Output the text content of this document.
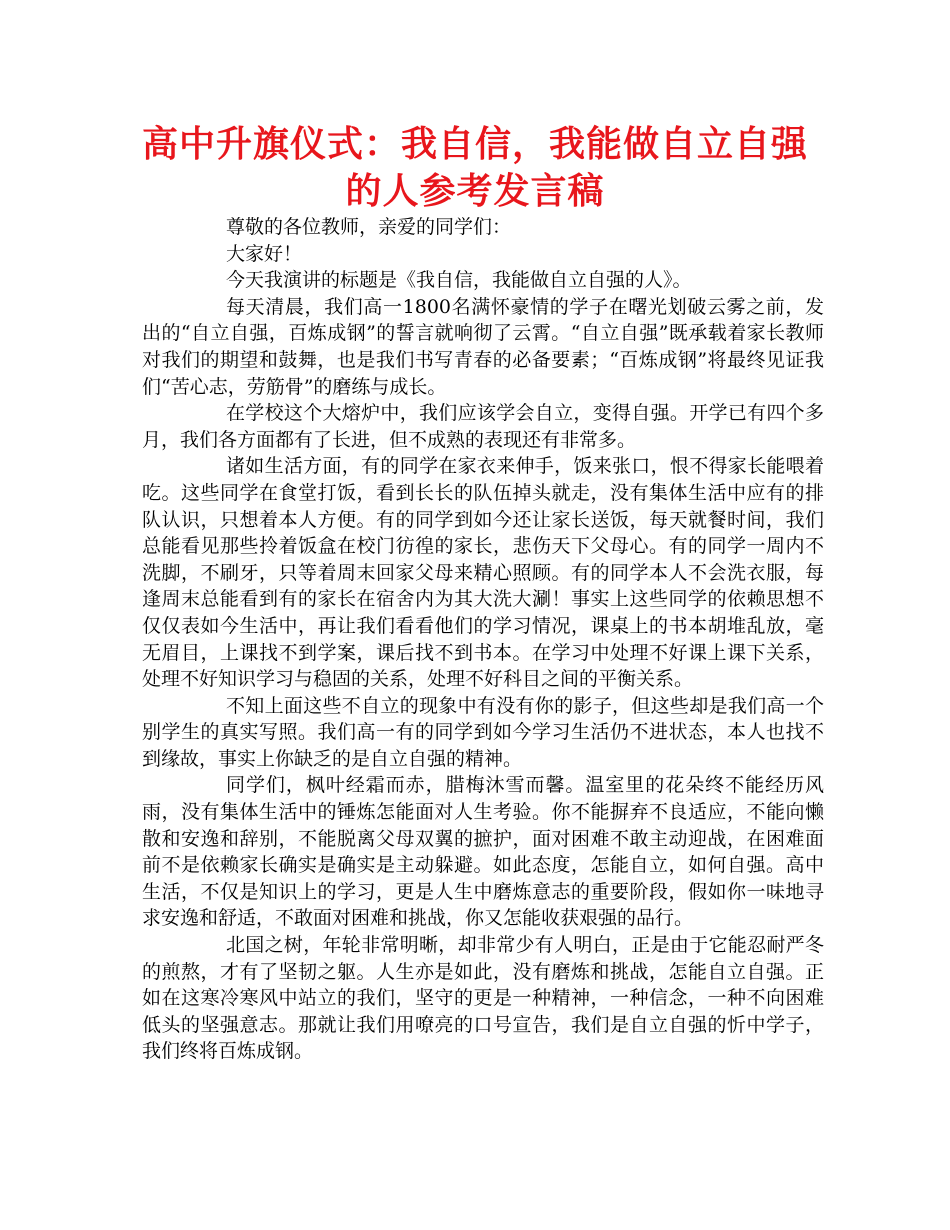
高中升旗仪式：我自信，我能做自立自强的人参考发言稿

尊敬的各位教师，亲爱的同学们：

大家好！

今天我演讲的标题是《我自信，我能做自立自强的人》。

每天清晨，我们高一1800名满怀豪情的学子在曙光划破云雾之前，发出的“自立自强，百炼成钢”的誓言就响彻了云霄。“自立自强”既承载着家长教师对我们的期望和鼓舞，也是我们书写青春的必备要素；“百炼成钢”将最终见证我们“苦心志，劳筋骨”的磨练与成长。

在学校这个大熔炉中，我们应该学会自立，变得自强。开学已有四个多月，我们各方面都有了长进，但不成熟的表现还有非常多。

诸如生活方面，有的同学在家衣来伸手，饭来张口，恨不得家长能喂着吃。这些同学在食堂打饭，看到长长的队伍掉头就走，没有集体生活中应有的排队认识，只想着本人方便。有的同学到如今还让家长送饭，每天就餐时间，我们总能看见那些拎着饭盒在校门彷徨的家长，悲伤天下父母心。有的同学一周内不洗脚，不刷牙，只等着周末回家父母来精心照顾。有的同学本人不会洗衣服，每逢周末总能看到有的家长在宿舍内为其大洗大涮！事实上这些同学的依赖思想不仅仅表如今生活中，再让我们看看他们的学习情况，课桌上的书本胡堆乱放，毫无眉目，上课找不到学案，课后找不到书本。在学习中处理不好课上课下关系，处理不好知识学习与稳固的关系，处理不好科目之间的平衡关系。

不知上面这些不自立的现象中有没有你的影子，但这些却是我们高一个别学生的真实写照。我们高一有的同学到如今学习生活仍不进状态，本人也找不到缘故，事实上你缺乏的是自立自强的精神。

同学们，枫叶经霜而赤，腊梅沐雪而馨。温室里的花朵终不能经历风雨，没有集体生活中的锤炼怎能面对人生考验。你不能摒弃不良适应，不能向懒散和安逸和辞别，不能脱离父母双翼的摭护，面对困难不敢主动迎战，在困难面前不是依赖家长确实是确实是主动躲避。如此态度，怎能自立，如何自强。高中生活，不仅是知识上的学习，更是人生中磨炼意志的重要阶段，假如你一味地寻求安逸和舒适，不敢面对困难和挑战，你又怎能收获艰强的品行。

北国之树，年轮非常明晰，却非常少有人明白，正是由于它能忍耐严冬的煎熬，才有了坚韧之躯。人生亦是如此，没有磨炼和挑战，怎能自立自强。正如在这寒冷寒风中站立的我们，坚守的更是一种精神，一种信念，一种不向困难低头的坚强意志。那就让我们用嘹亮的口号宣告，我们是自立自强的忻中学子，我们终将百炼成钢。
